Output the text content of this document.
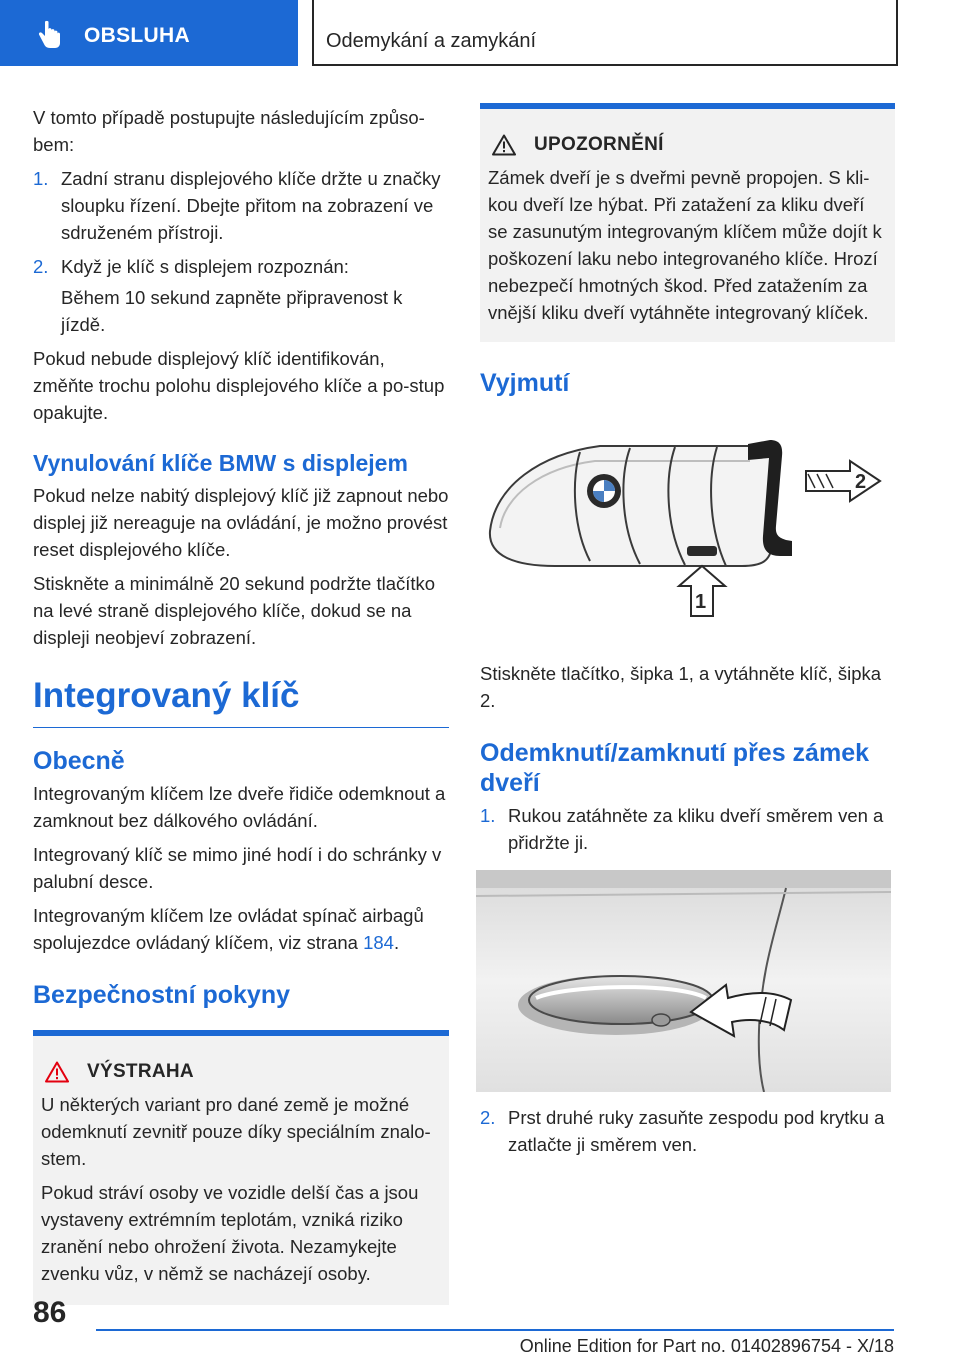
OBSLUHA	Odemykání a zamykání

V tomto případě postupujte následujícím způso-bem:

1. Zadní stranu displejového klíče držte u značky sloupku řízení. Dbejte přitom na zobrazení ve sdruženém přístroji.
2. Když je klíč s displejem rozpoznán:

Během 10 sekund zapněte připravenost k jízdě.

Pokud nebude displejový klíč identifikován, změňte trochu polohu displejového klíče a po-stup opakujte.

Vynulování klíče BMW s displejem

Pokud nelze nabitý displejový klíč již zapnout nebo displej již nereaguje na ovládání, je možno provést reset displejového klíče.

Stiskněte a minimálně 20 sekund podržte tlačítko na levé straně displejového klíče, dokud se na displeji neobjeví zobrazení.

Integrovaný klíč
Obecně

Integrovaným klíčem lze dveře řidiče odemknout a zamknout bez dálkového ovládání.

Integrovaný klíč se mimo jiné hodí i do schránky v palubní desce.

Integrovaným klíčem lze ovládat spínač airbagů spolujezdce ovládaný klíčem, viz strana 184.

Bezpečnostní pokyny
VÝSTRAHA

U některých variant pro dané země je možné odemknutí zevnitř pouze díky speciálním znalo-stem.

Pokud stráví osoby ve vozidle delší čas a jsou vystaveny extrémním teplotám, vzniká riziko zranění nebo ohrožení života. Nezamykejte zvenku vůz, v němž se nacházejí osoby.

UPOZORNĚNÍ

Zámek dveří je s dveřmi pevně propojen. S kli-kou dveří lze hýbat. Při zatažení za kliku dveří se zasunutým integrovaným klíčem může dojít k poškození laku nebo integrovaného klíče. Hrozí nebezpečí hmotných škod. Před zatažením za vnější kliku dveří vytáhněte integrovaný klíček.

Vyjmutí
2
1

Stiskněte tlačítko, šipka 1, a vytáhněte klíč, šipka 2.

Odemknutí/zamknutí přes zámek dveří
1. Rukou zatáhněte za kliku dveří směrem ven a přidržte ji.
2. Prst druhé ruky zasuňte zespodu pod krytku a zatlačte ji směrem ven.
86
Online Edition for Part no. 01402896754 - X/18
